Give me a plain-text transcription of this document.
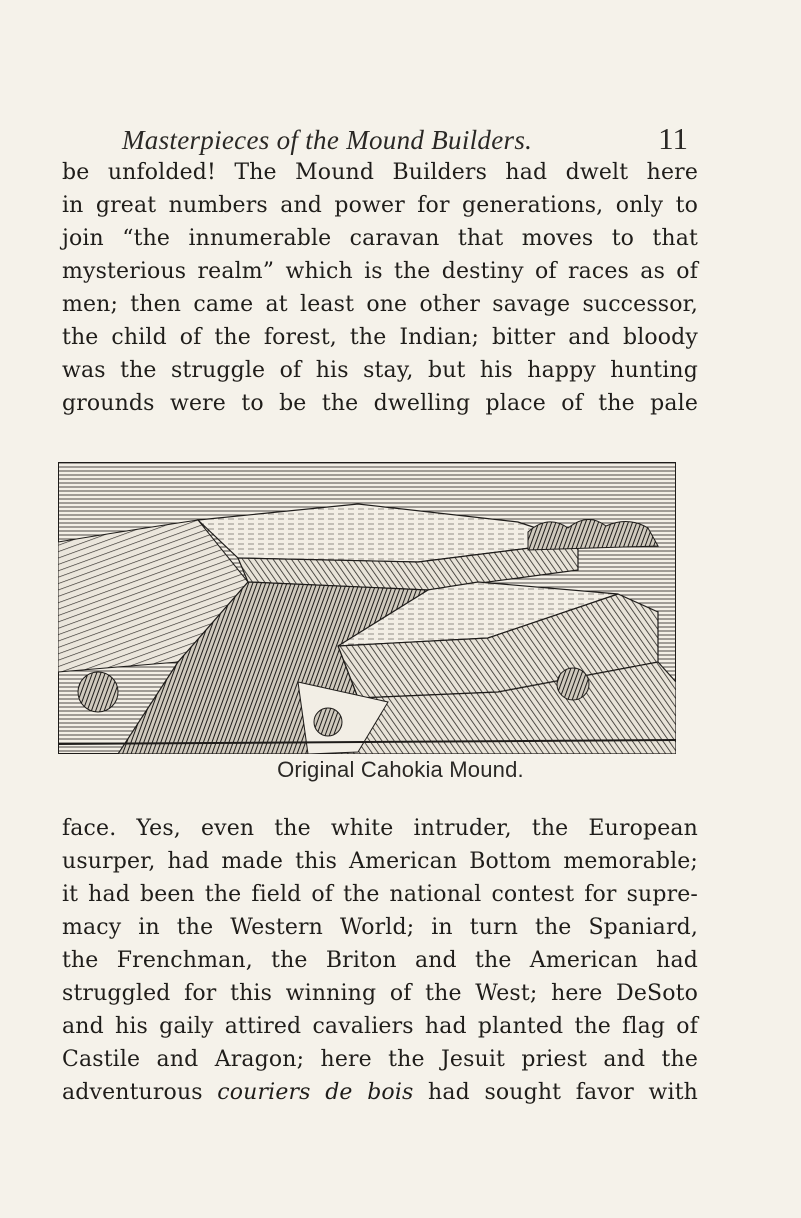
Masterpieces of the Mound Builders.	11
be unfolded! The Mound Builders had dwelt here
in great numbers and power for generations, only to
join “the innumerable caravan that moves to that
mysterious realm” which is the destiny of races as of
men; then came at least one other savage successor,
the child of the forest, the Indian; bitter and bloody
was the struggle of his stay, but his happy hunting
grounds were to be the dwelling place of the pale
Original Cahokia Mound.
face. Yes, even the white intruder, the European
usurper, had made this American Bottom memorable;
it had been the field of the national contest for supre-
macy in the Western World; in turn the Spaniard,
the Frenchman, the Briton and the American had
struggled for this winning of the West; here DeSoto
and his gaily attired cavaliers had planted the flag of
Castile and Aragon; here the Jesuit priest and the
adventurous couriers de bois had sought favor with
